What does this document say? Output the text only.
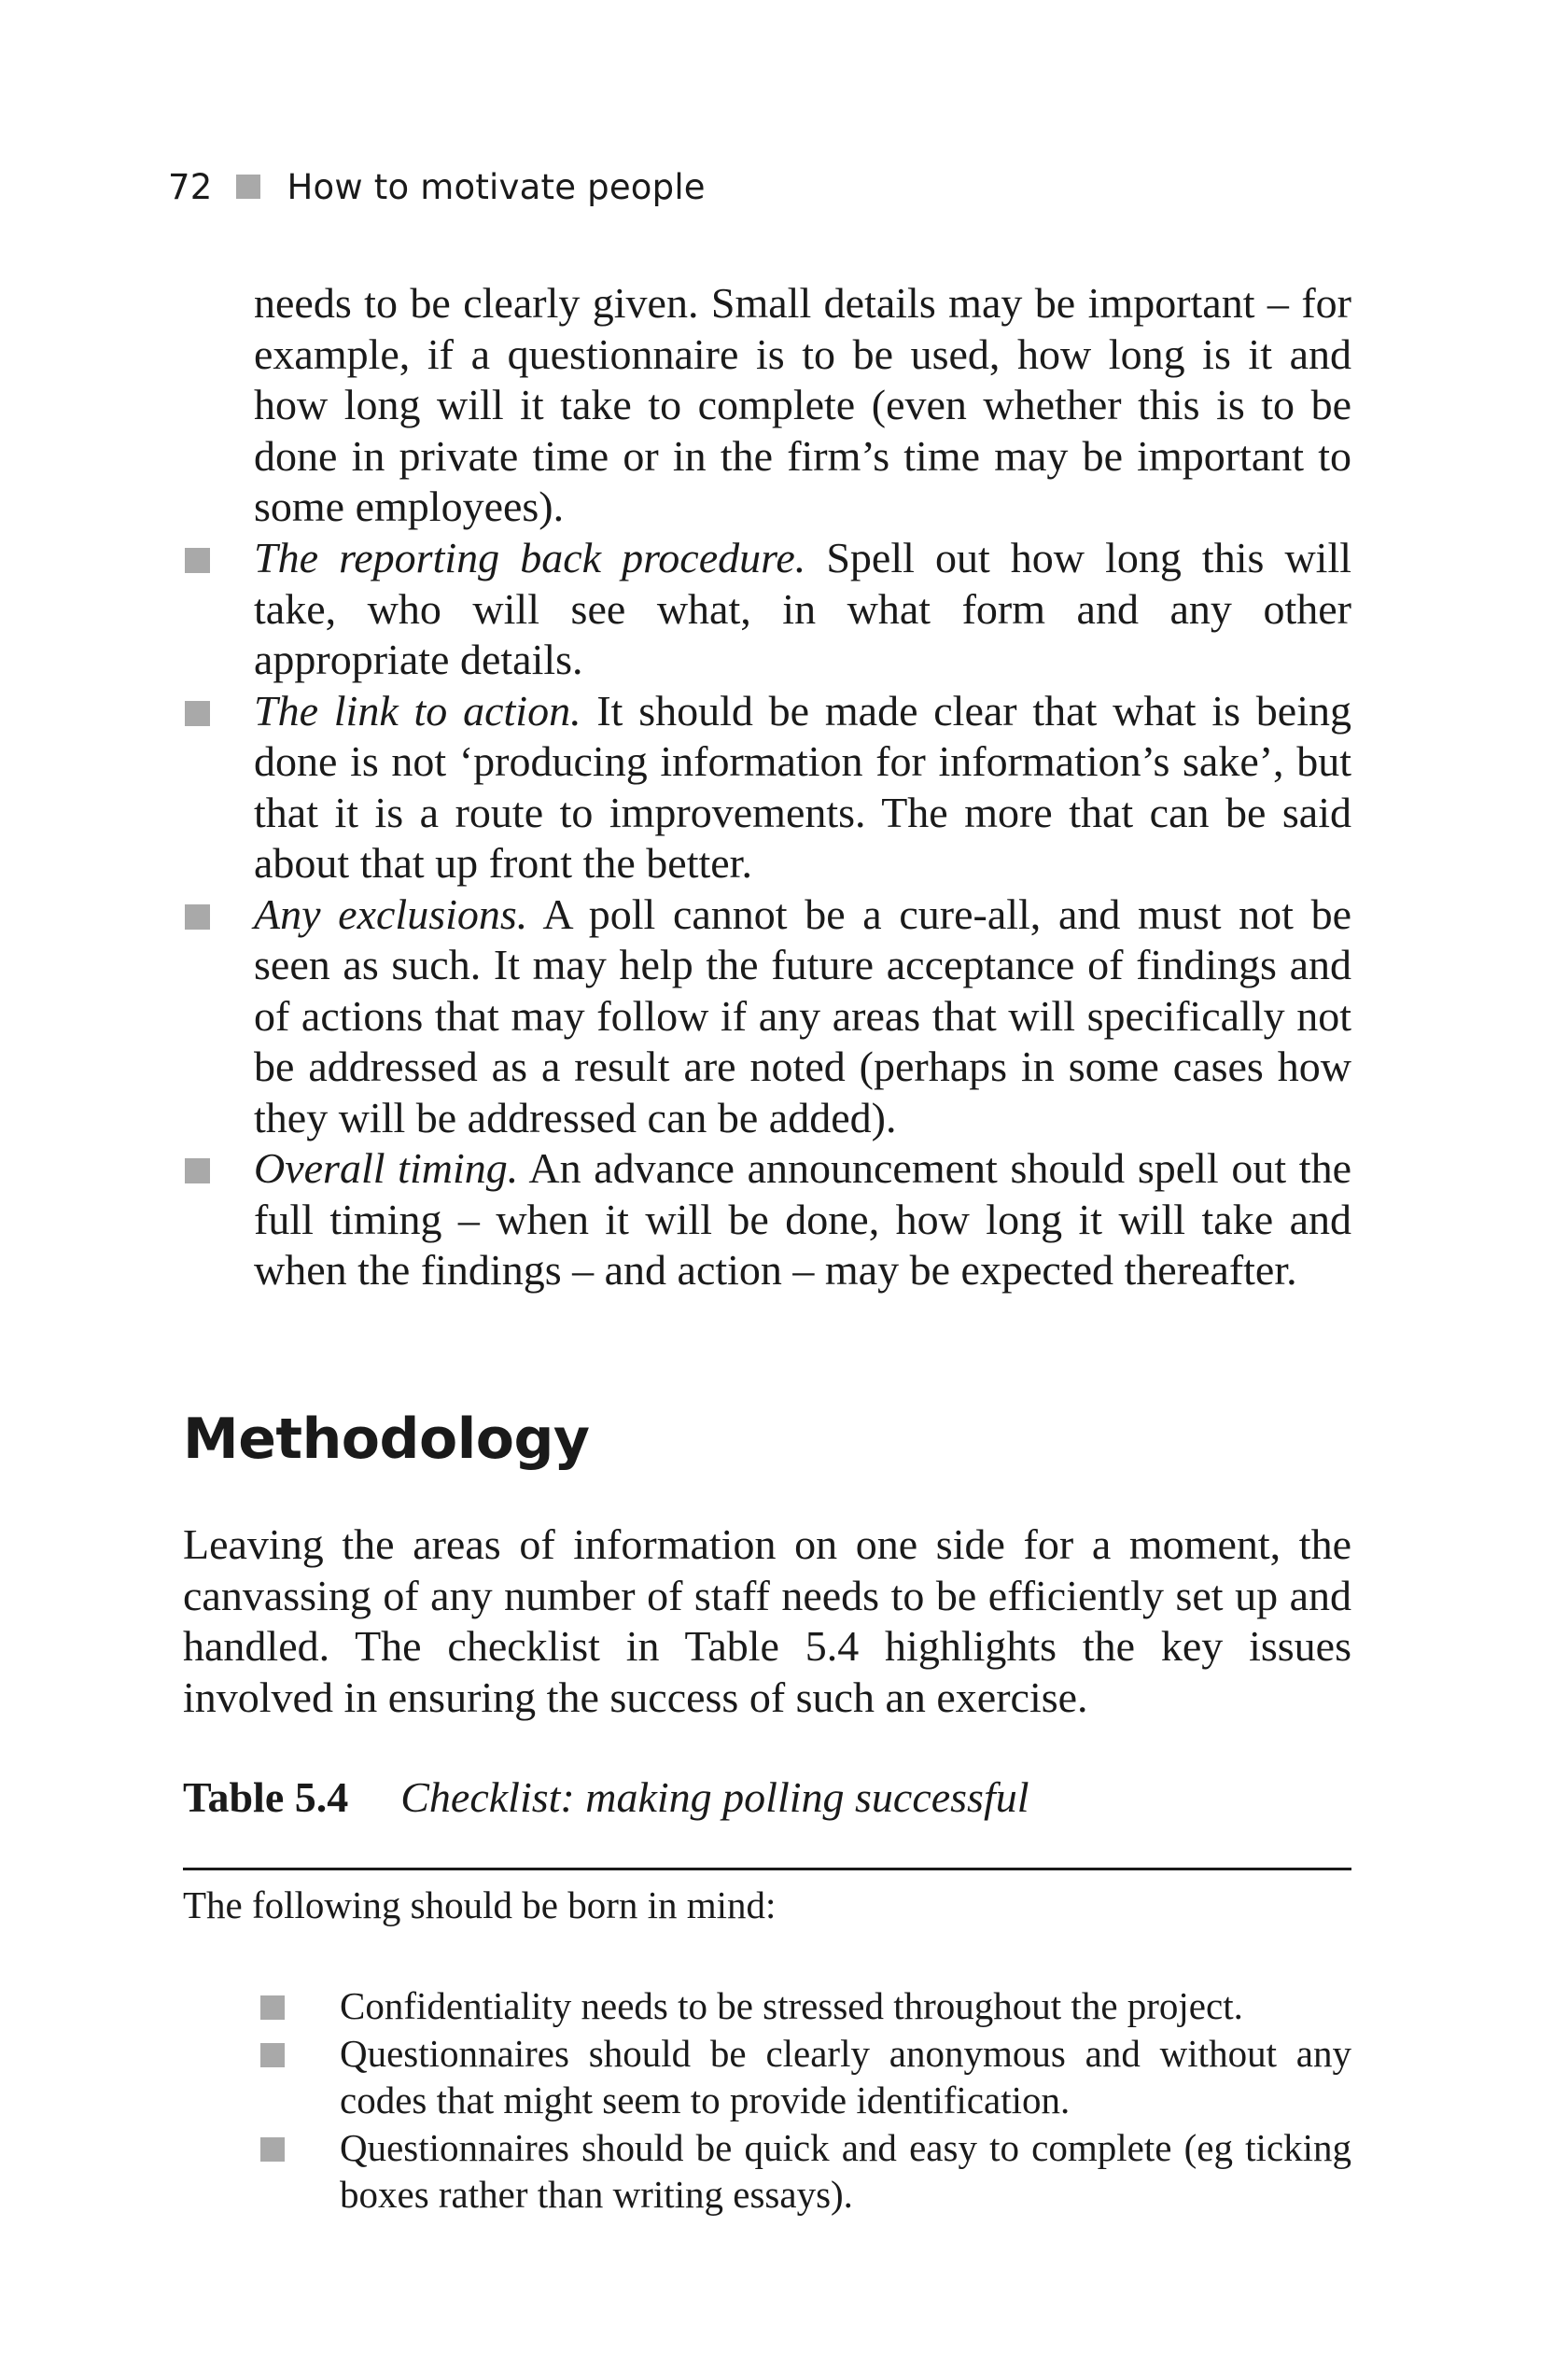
72 How to motivate people

needs to be clearly given. Small details may be important – for example, if a questionnaire is to be used, how long is it and how long will it take to complete (even whether this is to be done in private time or in the firm’s time may be important to some employees).

The reporting back procedure. Spell out how long this will take, who will see what, in what form and any other appropriate details.
The link to action. It should be made clear that what is being done is not ‘producing information for information’s sake’, but that it is a route to improvements. The more that can be said about that up front the better.
Any exclusions. A poll cannot be a cure-all, and must not be seen as such. It may help the future acceptance of findings and of actions that may follow if any areas that will specifically not be addressed as a result are noted (perhaps in some cases how they will be addressed can be added).
Overall timing. An advance announcement should spell out the full timing – when it will be done, how long it will take and when the findings – and action – may be expected thereafter.
Methodology

Leaving the areas of information on one side for a moment, the canvassing of any number of staff needs to be efficiently set up and handled. The checklist in Table 5.4 highlights the key issues involved in ensuring the success of such an exercise.

Table 5.4 Checklist: making polling successful

The following should be born in mind:

Confidentiality needs to be stressed throughout the project.
Questionnaires should be clearly anonymous and without any codes that might seem to provide identification.
Questionnaires should be quick and easy to complete (eg ticking boxes rather than writing essays).
